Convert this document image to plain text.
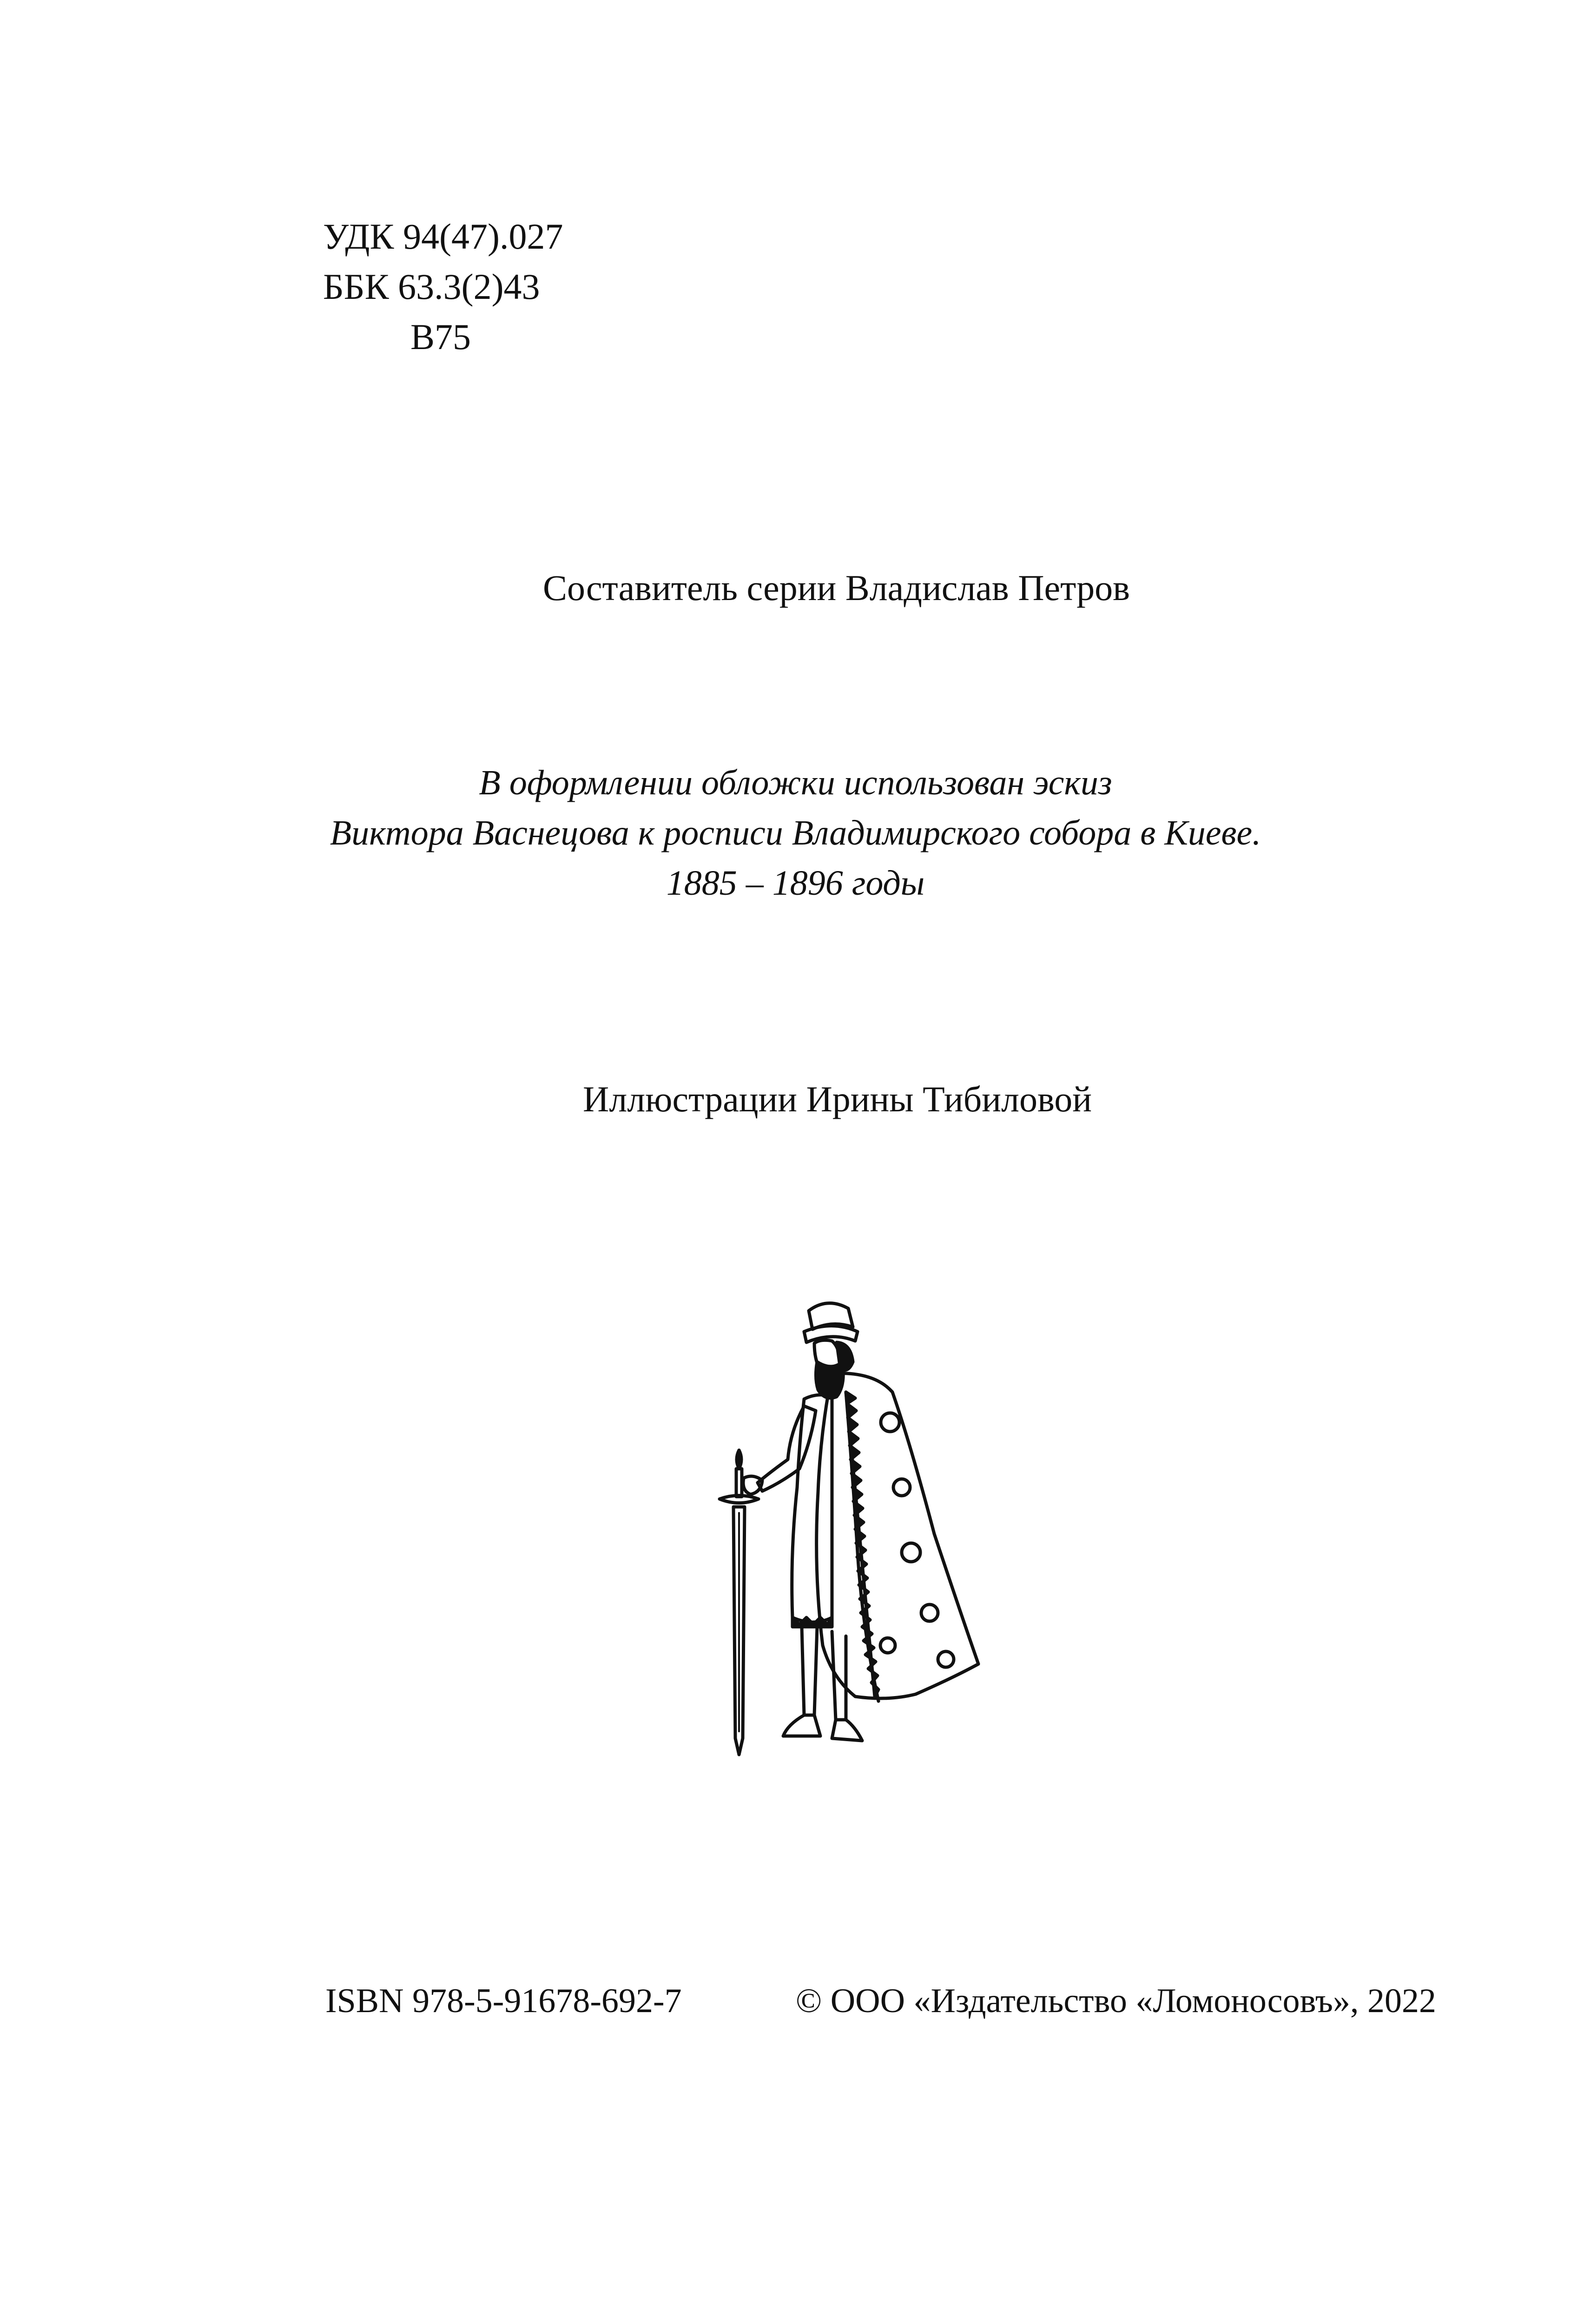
УДК 94(47).027
ББК 63.3(2)43
В75
Составитель серии Владислав Петров
В оформлении обложки использован эскиз
Виктора Васнецова к росписи Владимирского собора в Киеве.
1885 – 1896 годы
Иллюстрации Ирины Тибиловой
ISBN 978-5-91678-692-7	© ООО «Издательство «Ломоносовъ», 2022
